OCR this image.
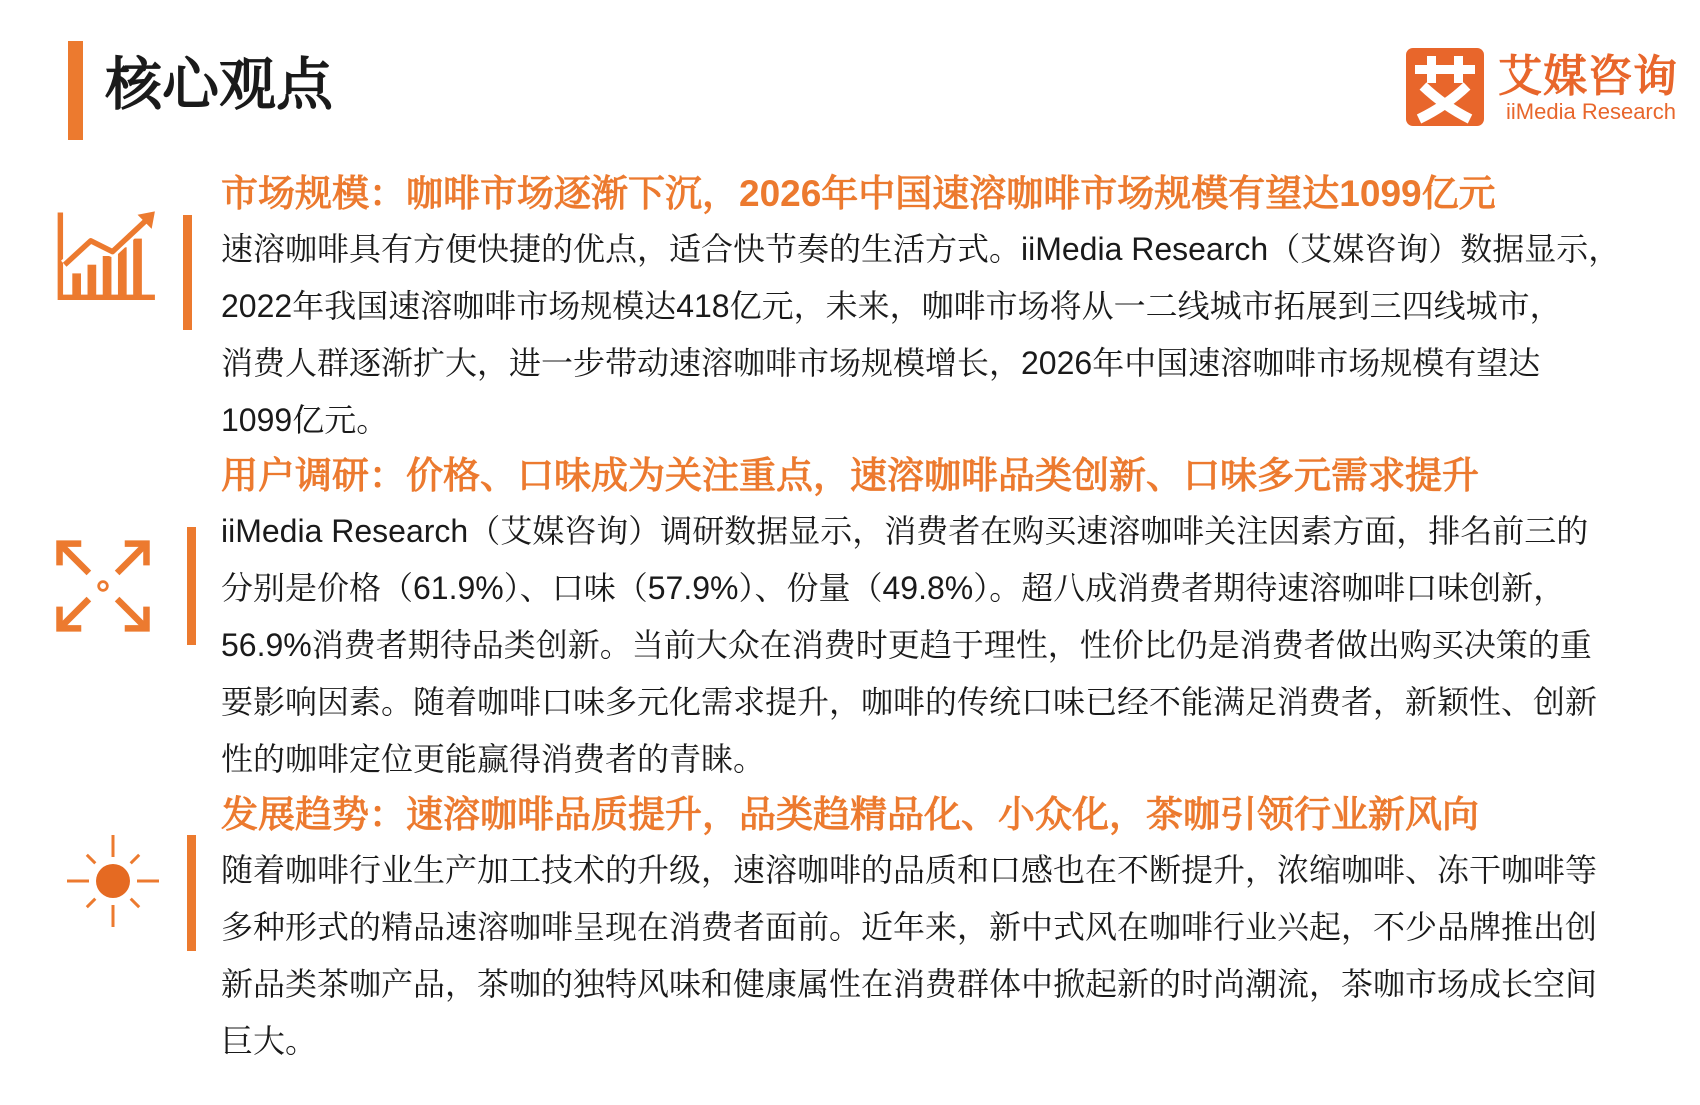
核心观点	艾媒咨询
iiMedia Research
市场规模：咖啡市场逐渐下沉，2026年中国速溶咖啡市场规模有望达1099亿元
速溶咖啡具有方便快捷的优点，适合快节奏的生活方式。iiMedia Research（艾媒咨询）数据显示，
2022年我国速溶咖啡市场规模达418亿元，未来，咖啡市场将从一二线城市拓展到三四线城市，
消费人群逐渐扩大，进一步带动速溶咖啡市场规模增长，2026年中国速溶咖啡市场规模有望达
1099亿元。
用户调研：价格、口味成为关注重点，速溶咖啡品类创新、口味多元需求提升
iiMedia Research（艾媒咨询）调研数据显示，消费者在购买速溶咖啡关注因素方面，排名前三的
分别是价格（61.9%）、口味（57.9%）、份量（49.8%）。超八成消费者期待速溶咖啡口味创新，
56.9%消费者期待品类创新。当前大众在消费时更趋于理性，性价比仍是消费者做出购买决策的重
要影响因素。随着咖啡口味多元化需求提升，咖啡的传统口味已经不能满足消费者，新颖性、创新
性的咖啡定位更能赢得消费者的青睐。
发展趋势：速溶咖啡品质提升，品类趋精品化、小众化，茶咖引领行业新风向
随着咖啡行业生产加工技术的升级，速溶咖啡的品质和口感也在不断提升，浓缩咖啡、冻干咖啡等
多种形式的精品速溶咖啡呈现在消费者面前。近年来，新中式风在咖啡行业兴起，不少品牌推出创
新品类茶咖产品，茶咖的独特风味和健康属性在消费群体中掀起新的时尚潮流，茶咖市场成长空间
巨大。
